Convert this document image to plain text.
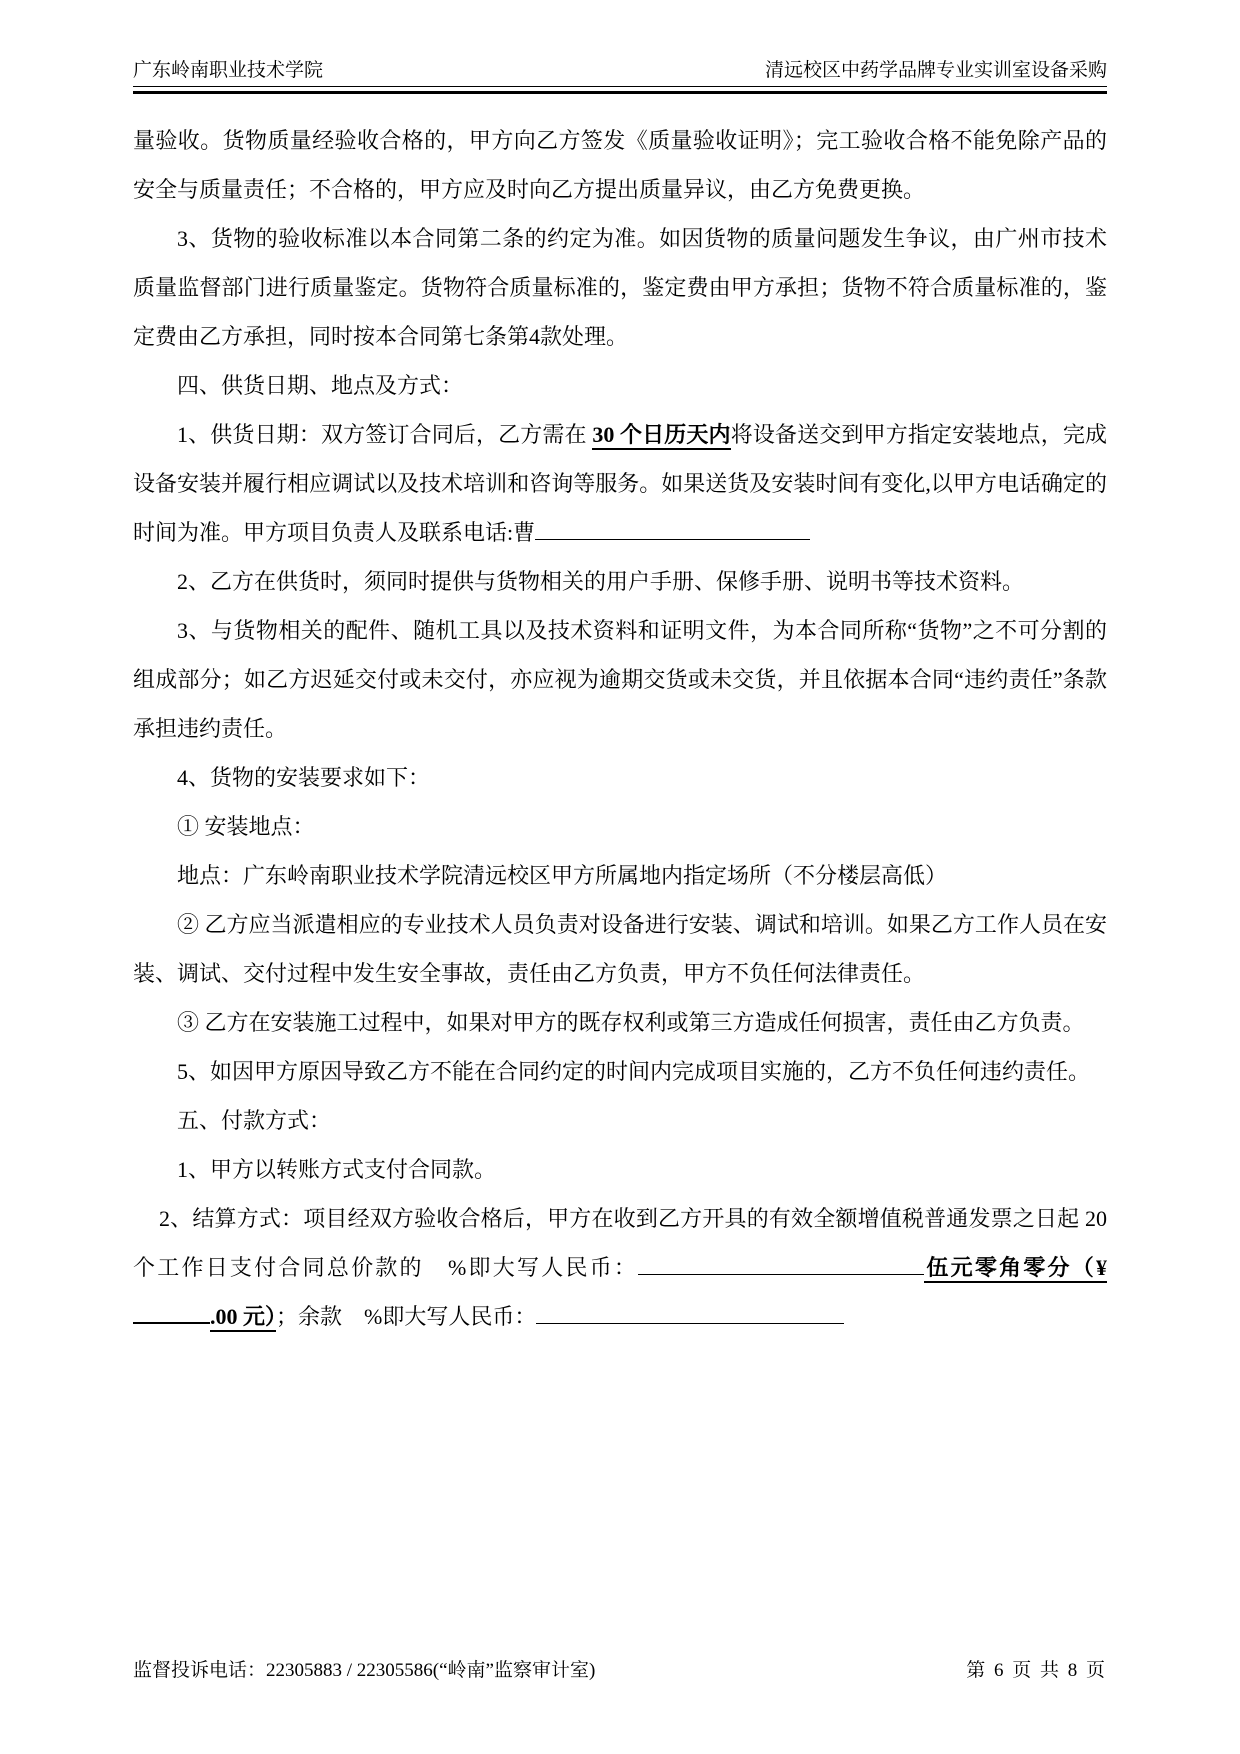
广东岭南职业技术学院	清远校区中药学品牌专业实训室设备采购

量验收。货物质量经验收合格的，甲方向乙方签发《质量验收证明》；完工验收合格不能免除产品的安全与质量责任；不合格的，甲方应及时向乙方提出质量异议，由乙方免费更换。

3、货物的验收标准以本合同第二条的约定为准。如因货物的质量问题发生争议，由广州市技术质量监督部门进行质量鉴定。货物符合质量标准的，鉴定费由甲方承担；货物不符合质量标准的，鉴定费由乙方承担，同时按本合同第七条第4款处理。

四、供货日期、地点及方式：

1、供货日期：双方签订合同后，乙方需在 30 个日历天内将设备送交到甲方指定安装地点，完成设备安装并履行相应调试以及技术培训和咨询等服务。如果送货及安装时间有变化,以甲方电话确定的时间为准。甲方项目负责人及联系电话:曹

2、乙方在供货时，须同时提供与货物相关的用户手册、保修手册、说明书等技术资料。

3、与货物相关的配件、随机工具以及技术资料和证明文件，为本合同所称“货物”之不可分割的组成部分；如乙方迟延交付或未交付，亦应视为逾期交货或未交货，并且依据本合同“违约责任”条款承担违约责任。

4、货物的安装要求如下：

① 安装地点：

地点：广东岭南职业技术学院清远校区甲方所属地内指定场所（不分楼层高低）

② 乙方应当派遣相应的专业技术人员负责对设备进行安装、调试和培训。如果乙方工作人员在安装、调试、交付过程中发生安全事故，责任由乙方负责，甲方不负任何法律责任。

③ 乙方在安装施工过程中，如果对甲方的既存权利或第三方造成任何损害，责任由乙方负责。

5、如因甲方原因导致乙方不能在合同约定的时间内完成项目实施的，乙方不负任何违约责任。

五、付款方式：

1、甲方以转账方式支付合同款。

2、结算方式：项目经双方验收合格后，甲方在收到乙方开具的有效全额增值税普通发票之日起 20 个工作日支付合同总价款的　%即大写人民币：	伍元零角零分（¥.00 元）；余款　%即大写人民币：

监督投诉电话：22305883 / 22305586(“岭南”监察审计室)	第 6 页 共 8 页
